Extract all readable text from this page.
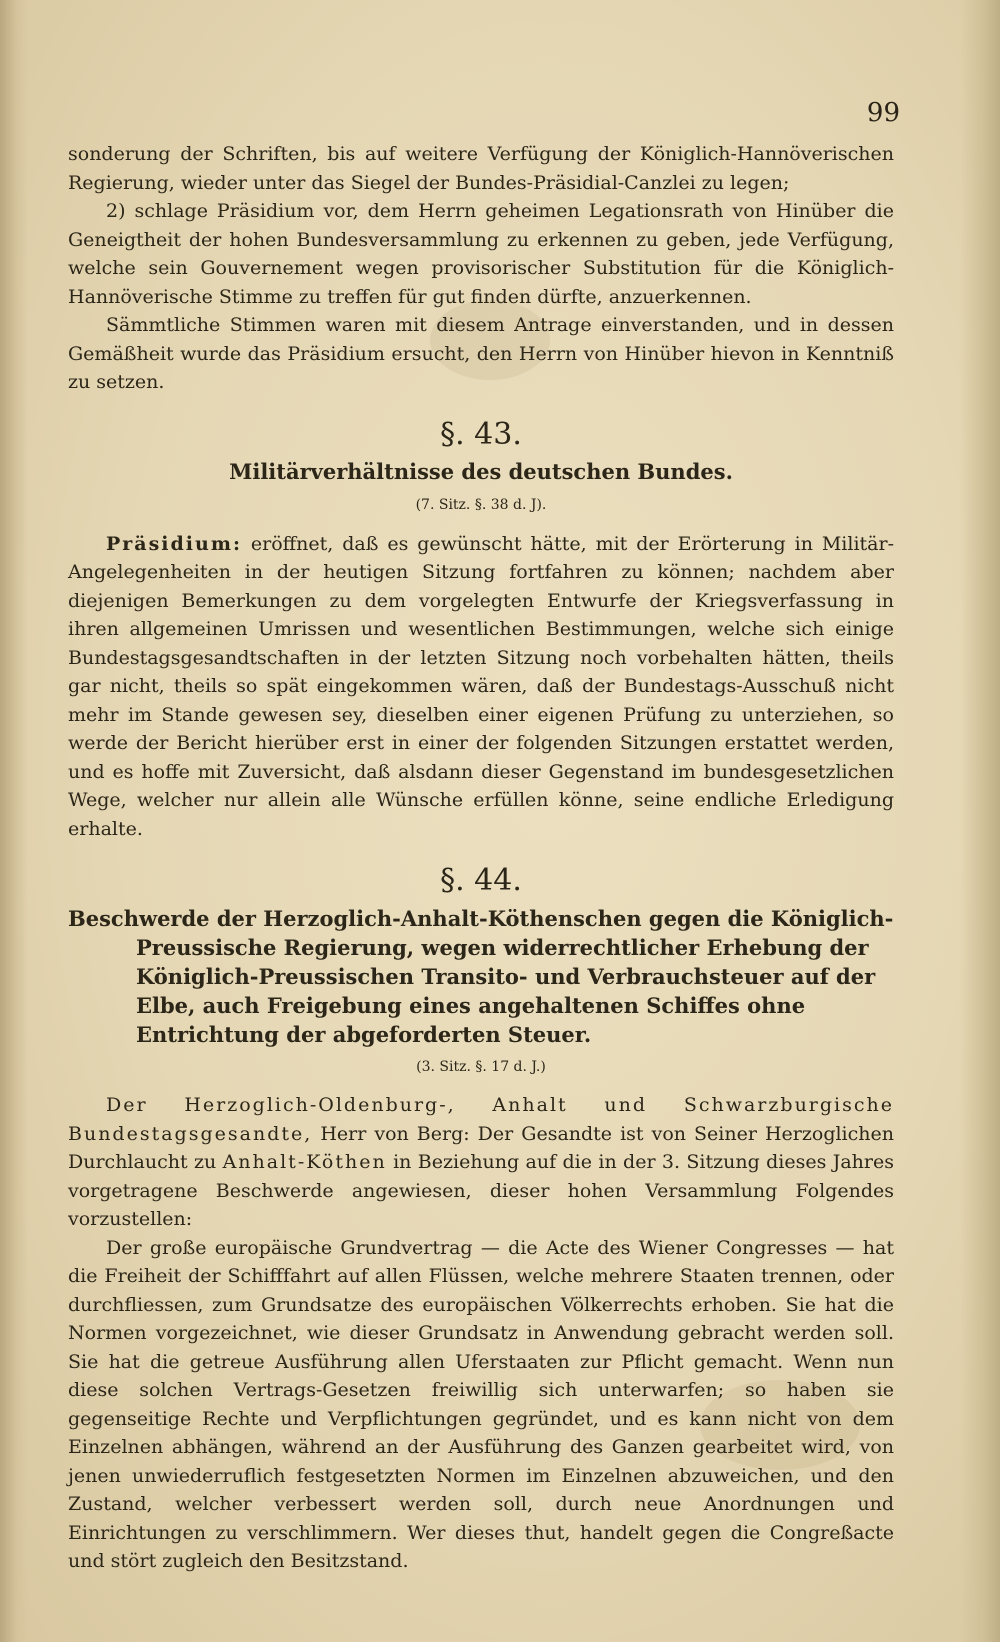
99

sonderung der Schriften, bis auf weitere Verfügung der Königlich-Hannöverischen Regierung, wieder unter das Siegel der Bundes-Präsidial-Canzlei zu legen;

2) schlage Präsidium vor, dem Herrn geheimen Legationsrath von Hinüber die Geneigtheit der hohen Bundesversammlung zu erkennen zu geben, jede Verfügung, welche sein Gouvernement wegen provisorischer Substitution für die Königlich-Hannöverische Stimme zu treffen für gut finden dürfte, anzuerkennen.

Sämmtliche Stimmen waren mit diesem Antrage einverstanden, und in dessen Gemäßheit wurde das Präsidium ersucht, den Herrn von Hinüber hievon in Kenntniß zu setzen.

§. 43.
Militärverhältnisse des deutschen Bundes.
(7. Sitz. §. 38 d. J).

Präsidium: eröffnet, daß es gewünscht hätte, mit der Erörterung in Militär-Angelegenheiten in der heutigen Sitzung fortfahren zu können; nachdem aber diejenigen Bemerkungen zu dem vorgelegten Entwurfe der Kriegsverfassung in ihren allgemeinen Umrissen und wesentlichen Bestimmungen, welche sich einige Bundestagsgesandtschaften in der letzten Sitzung noch vorbehalten hätten, theils gar nicht, theils so spät eingekommen wären, daß der Bundestags-Ausschuß nicht mehr im Stande gewesen sey, dieselben einer eigenen Prüfung zu unterziehen, so werde der Bericht hierüber erst in einer der folgenden Sitzungen erstattet werden, und es hoffe mit Zuversicht, daß alsdann dieser Gegenstand im bundesgesetzlichen Wege, welcher nur allein alle Wünsche erfüllen könne, seine endliche Erledigung erhalte.

§. 44.
Beschwerde der Herzoglich-Anhalt-Köthenschen gegen die Königlich-Preussische Regierung, wegen widerrechtlicher Erhebung der Königlich-Preussischen Transito- und Verbrauchsteuer auf der Elbe, auch Freigebung eines angehaltenen Schiffes ohne Entrichtung der abgeforderten Steuer.
(3. Sitz. §. 17 d. J.)

Der Herzoglich-Oldenburg-, Anhalt und Schwarzburgische Bundestagsgesandte, Herr von Berg: Der Gesandte ist von Seiner Herzoglichen Durchlaucht zu Anhalt-Köthen in Beziehung auf die in der 3. Sitzung dieses Jahres vorgetragene Beschwerde angewiesen, dieser hohen Versammlung Folgendes vorzustellen:

Der große europäische Grundvertrag — die Acte des Wiener Congresses — hat die Freiheit der Schifffahrt auf allen Flüssen, welche mehrere Staaten trennen, oder durchfliessen, zum Grundsatze des europäischen Völkerrechts erhoben. Sie hat die Normen vorgezeichnet, wie dieser Grundsatz in Anwendung gebracht werden soll. Sie hat die getreue Ausführung allen Uferstaaten zur Pflicht gemacht. Wenn nun diese solchen Vertrags-Gesetzen freiwillig sich unterwarfen; so haben sie gegenseitige Rechte und Verpflichtungen gegründet, und es kann nicht von dem Einzelnen abhängen, während an der Ausführung des Ganzen gearbeitet wird, von jenen unwiederruflich festgesetzten Normen im Einzelnen abzuweichen, und den Zustand, welcher verbessert werden soll, durch neue Anordnungen und Einrichtungen zu verschlimmern. Wer dieses thut, handelt gegen die Congreßacte und stört zugleich den Besitzstand.
